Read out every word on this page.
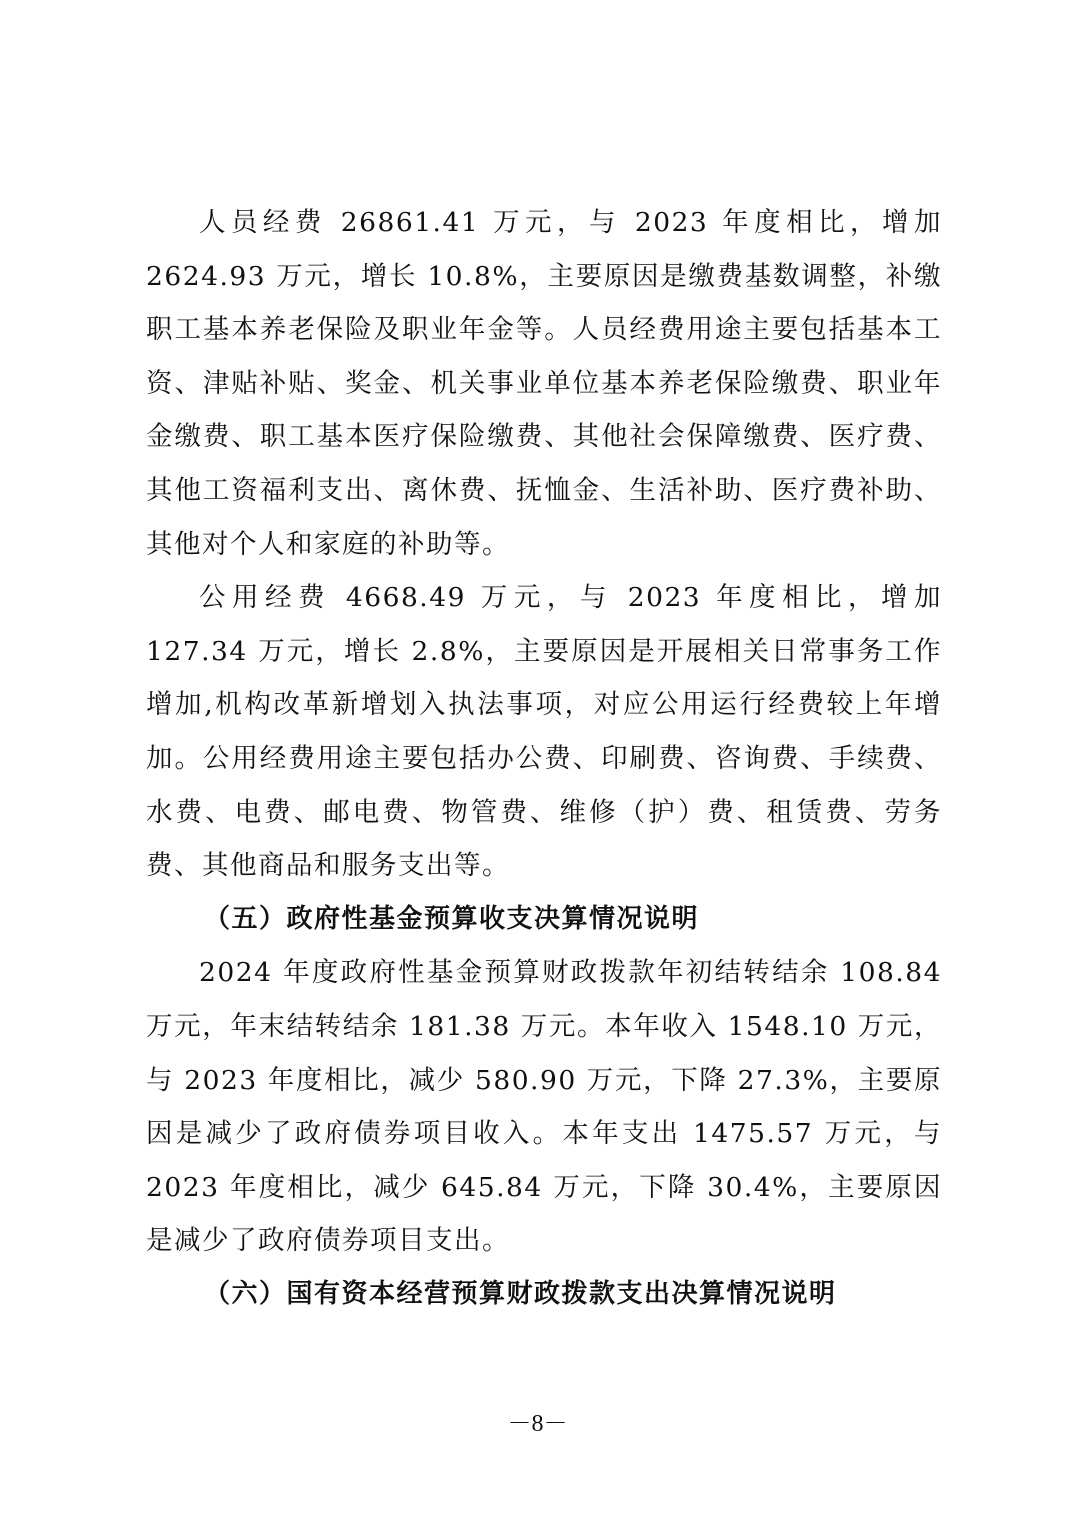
人员经费 26861.41 万元，与 2023 年度相比，增加 2624.93 万元，增长 10.8%，主要原因是缴费基数调整，补缴职工基本养老保险及职业年金等。人员经费用途主要包括基本工资、津贴补贴、奖金、机关事业单位基本养老保险缴费、职业年金缴费、职工基本医疗保险缴费、其他社会保障缴费、医疗费、其他工资福利支出、离休费、抚恤金、生活补助、医疗费补助、其他对个人和家庭的补助等。

公用经费 4668.49 万元，与 2023 年度相比，增加 127.34 万元，增长 2.8%，主要原因是开展相关日常事务工作增加,机构改革新增划入执法事项，对应公用运行经费较上年增加。公用经费用途主要包括办公费、印刷费、咨询费、手续费、水费、电费、邮电费、物管费、维修（护）费、租赁费、劳务费、其他商品和服务支出等。

（五）政府性基金预算收支决算情况说明

2024 年度政府性基金预算财政拨款年初结转结余 108.84 万元，年末结转结余 181.38 万元。本年收入 1548.10 万元，与 2023 年度相比，减少 580.90 万元，下降 27.3%，主要原因是减少了政府债券项目收入。本年支出 1475.57 万元，与 2023 年度相比，减少 645.84 万元，下降 30.4%，主要原因是减少了政府债券项目支出。

（六）国有资本经营预算财政拨款支出决算情况说明

－8－
